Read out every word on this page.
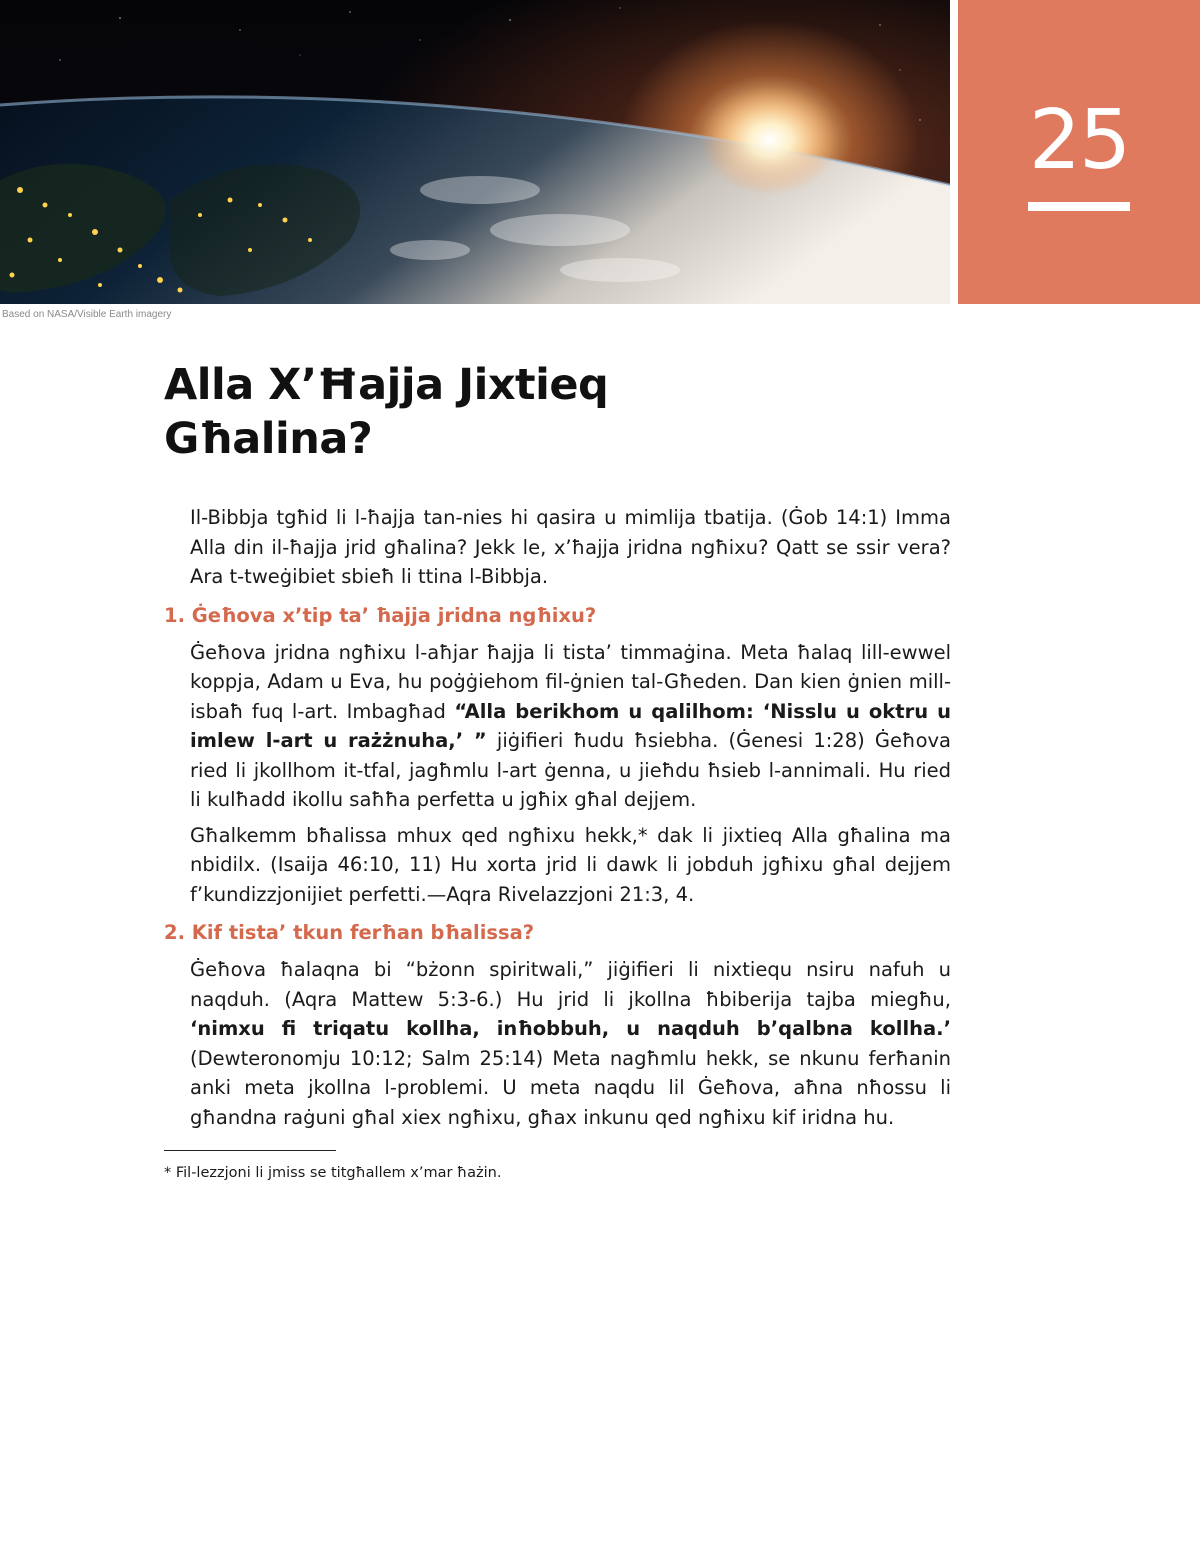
25
Based on NASA/Visible Earth imagery
Alla X’Ħajja Jixtieq
Għalina?

Il-Bibbja tgħid li l-ħajja tan-nies hi qasira u mimlija tbatija. (Ġob 14:1) Imma Alla din il-ħajja jrid għalina? Jekk le, x’ħajja jridna ngħixu? Qatt se ssir vera? Ara t-tweġibiet sbieħ li ttina l-Bibbja.

1. Ġeħova x’tip ta’ ħajja jridna ngħixu?

Ġeħova jridna ngħixu l-aħjar ħajja li tista’ timmaġina. Meta ħalaq lill-ewwel koppja, Adam u Eva, hu poġġiehom fil-ġnien tal-Għeden. Dan kien ġnien mill-isbaħ fuq l-art. Imbagħad “Alla berikhom u qalilhom: ‘Nisslu u oktru u imlew l-art u rażżnuha,’ ” jiġifieri ħudu ħsiebha. (Ġenesi 1:28) Ġeħova ried li jkollhom it-tfal, jagħmlu l-art ġenna, u jieħdu ħsieb l-annimali. Hu ried li kulħadd ikollu saħħa perfetta u jgħix għal dejjem.

Għalkemm bħalissa mhux qed ngħixu hekk,* dak li jixtieq Alla għalina ma nbidilx. (Isaija 46:10, 11) Hu xorta jrid li dawk li jobduh jgħixu għal dejjem f’kundizzjonijiet perfetti.—Aqra Rivelazzjoni 21:3, 4.

2. Kif tista’ tkun ferħan bħalissa?

Ġeħova ħalaqna bi “bżonn spiritwali,” jiġifieri li nixtiequ nsiru nafuh u naqduh. (Aqra Mattew 5:3-6.) Hu jrid li jkollna ħbiberija tajba miegħu, ‘nimxu fi triqatu kollha, inħobbuh, u naqduh b’qalbna kollha.’ (Dewteronomju 10:12; Salm 25:14) Meta nagħmlu hekk, se nkunu ferħanin anki meta jkollna l-problemi. U meta naqdu lil Ġeħova, aħna nħossu li għandna raġuni għal xiex ngħixu, għax inkunu qed ngħixu kif iridna hu.

* Fil-lezzjoni li jmiss se titgħallem x’mar ħażin.
